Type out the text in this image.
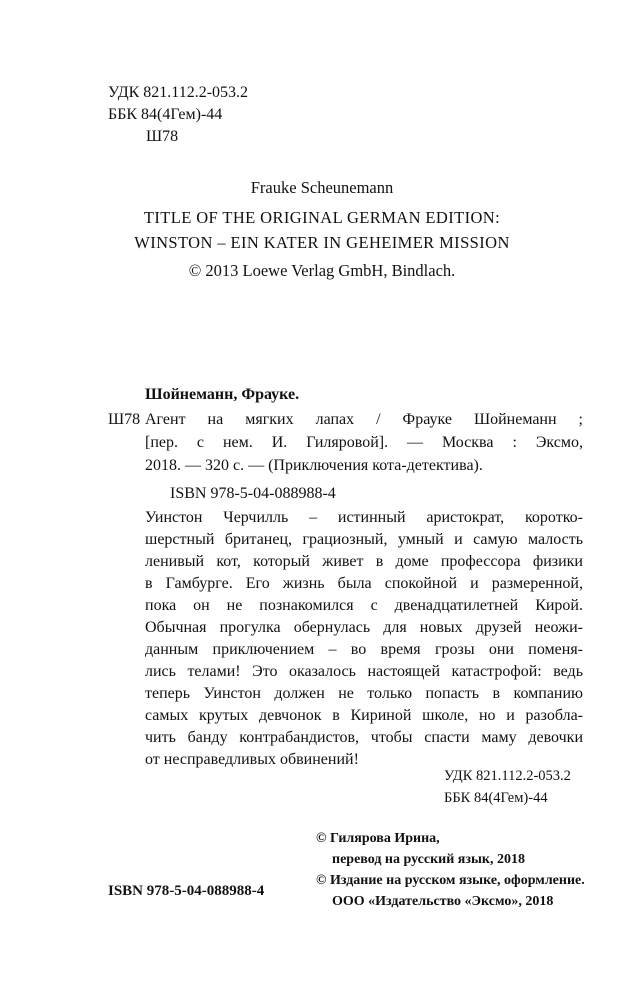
УДК 821.112.2-053.2
ББК 84(4Гем)-44
Ш78
Frauke Scheunemann
TITLE OF THE ORIGINAL GERMAN EDITION:
WINSTON – EIN KATER IN GEHEIMER MISSION
© 2013 Loewe Verlag GmbH, Bindlach.
Шойнеманн, Фрауке.
Ш78 Агент на мягких лапах / Фрауке Шойнеманн ;
[пер. с нем. И. Гиляровой]. — Москва : Эксмо,
2018. — 320 с. — (Приключения кота-детектива).
ISBN 978-5-04-088988-4
Уинстон Черчилль – истинный аристократ, коротко-
шерстный британец, грациозный, умный и самую малость
ленивый кот, который живет в доме профессора физики
в Гамбурге. Его жизнь была спокойной и размеренной,
пока он не познакомился с двенадцатилетней Кирой.
Обычная прогулка обернулась для новых друзей неожи-
данным приключением – во время грозы они поменя-
лись телами! Это оказалось настоящей катастрофой: ведь
теперь Уинстон должен не только попасть в компанию
самых крутых девчонок в Кириной школе, но и разобла-
чить банду контрабандистов, чтобы спасти маму девочки
от несправедливых обвинений!
УДК 821.112.2-053.2
ББК 84(4Гем)-44
ISBN 978-5-04-088988-4
© Гилярова Ирина,
перевод на русский язык, 2018
© Издание на русском языке, оформление.
ООО «Издательство «Эксмо», 2018
